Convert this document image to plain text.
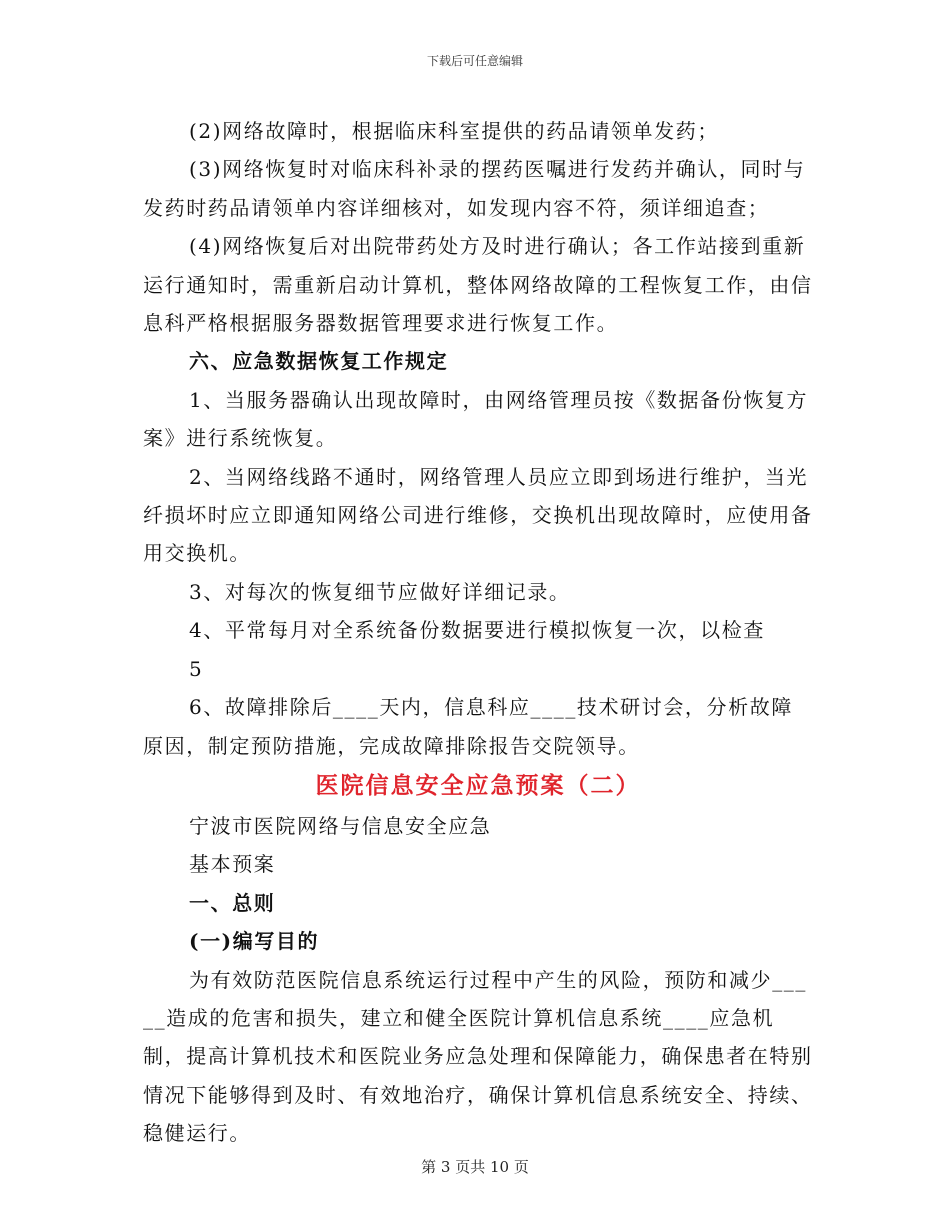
下载后可任意编辑

(2)网络故障时，根据临床科室提供的药品请领单发药；

(3)网络恢复时对临床科补录的摆药医嘱进行发药并确认，同时与发药时药品请领单内容详细核对，如发现内容不符，须详细追查；

(4)网络恢复后对出院带药处方及时进行确认；各工作站接到重新运行通知时，需重新启动计算机，整体网络故障的工程恢复工作，由信息科严格根据服务器数据管理要求进行恢复工作。

六、应急数据恢复工作规定

1、当服务器确认出现故障时，由网络管理员按《数据备份恢复方案》进行系统恢复。

2、当网络线路不通时，网络管理人员应立即到场进行维护，当光纤损坏时应立即通知网络公司进行维修，交换机出现故障时，应使用备用交换机。

3、对每次的恢复细节应做好详细记录。

4、平常每月对全系统备份数据要进行模拟恢复一次，以检查

5

6、故障排除后____天内，信息科应____技术研讨会，分析故障原因，制定预防措施，完成故障排除报告交院领导。

医院信息安全应急预案（二）

宁波市医院网络与信息安全应急

基本预案

一、总则

(一)编写目的

为有效防范医院信息系统运行过程中产生的风险，预防和减少_____造成的危害和损失，建立和健全医院计算机信息系统____应急机制，提高计算机技术和医院业务应急处理和保障能力，确保患者在特别情况下能够得到及时、有效地治疗，确保计算机信息系统安全、持续、稳健运行。

第 3 页共 10 页
